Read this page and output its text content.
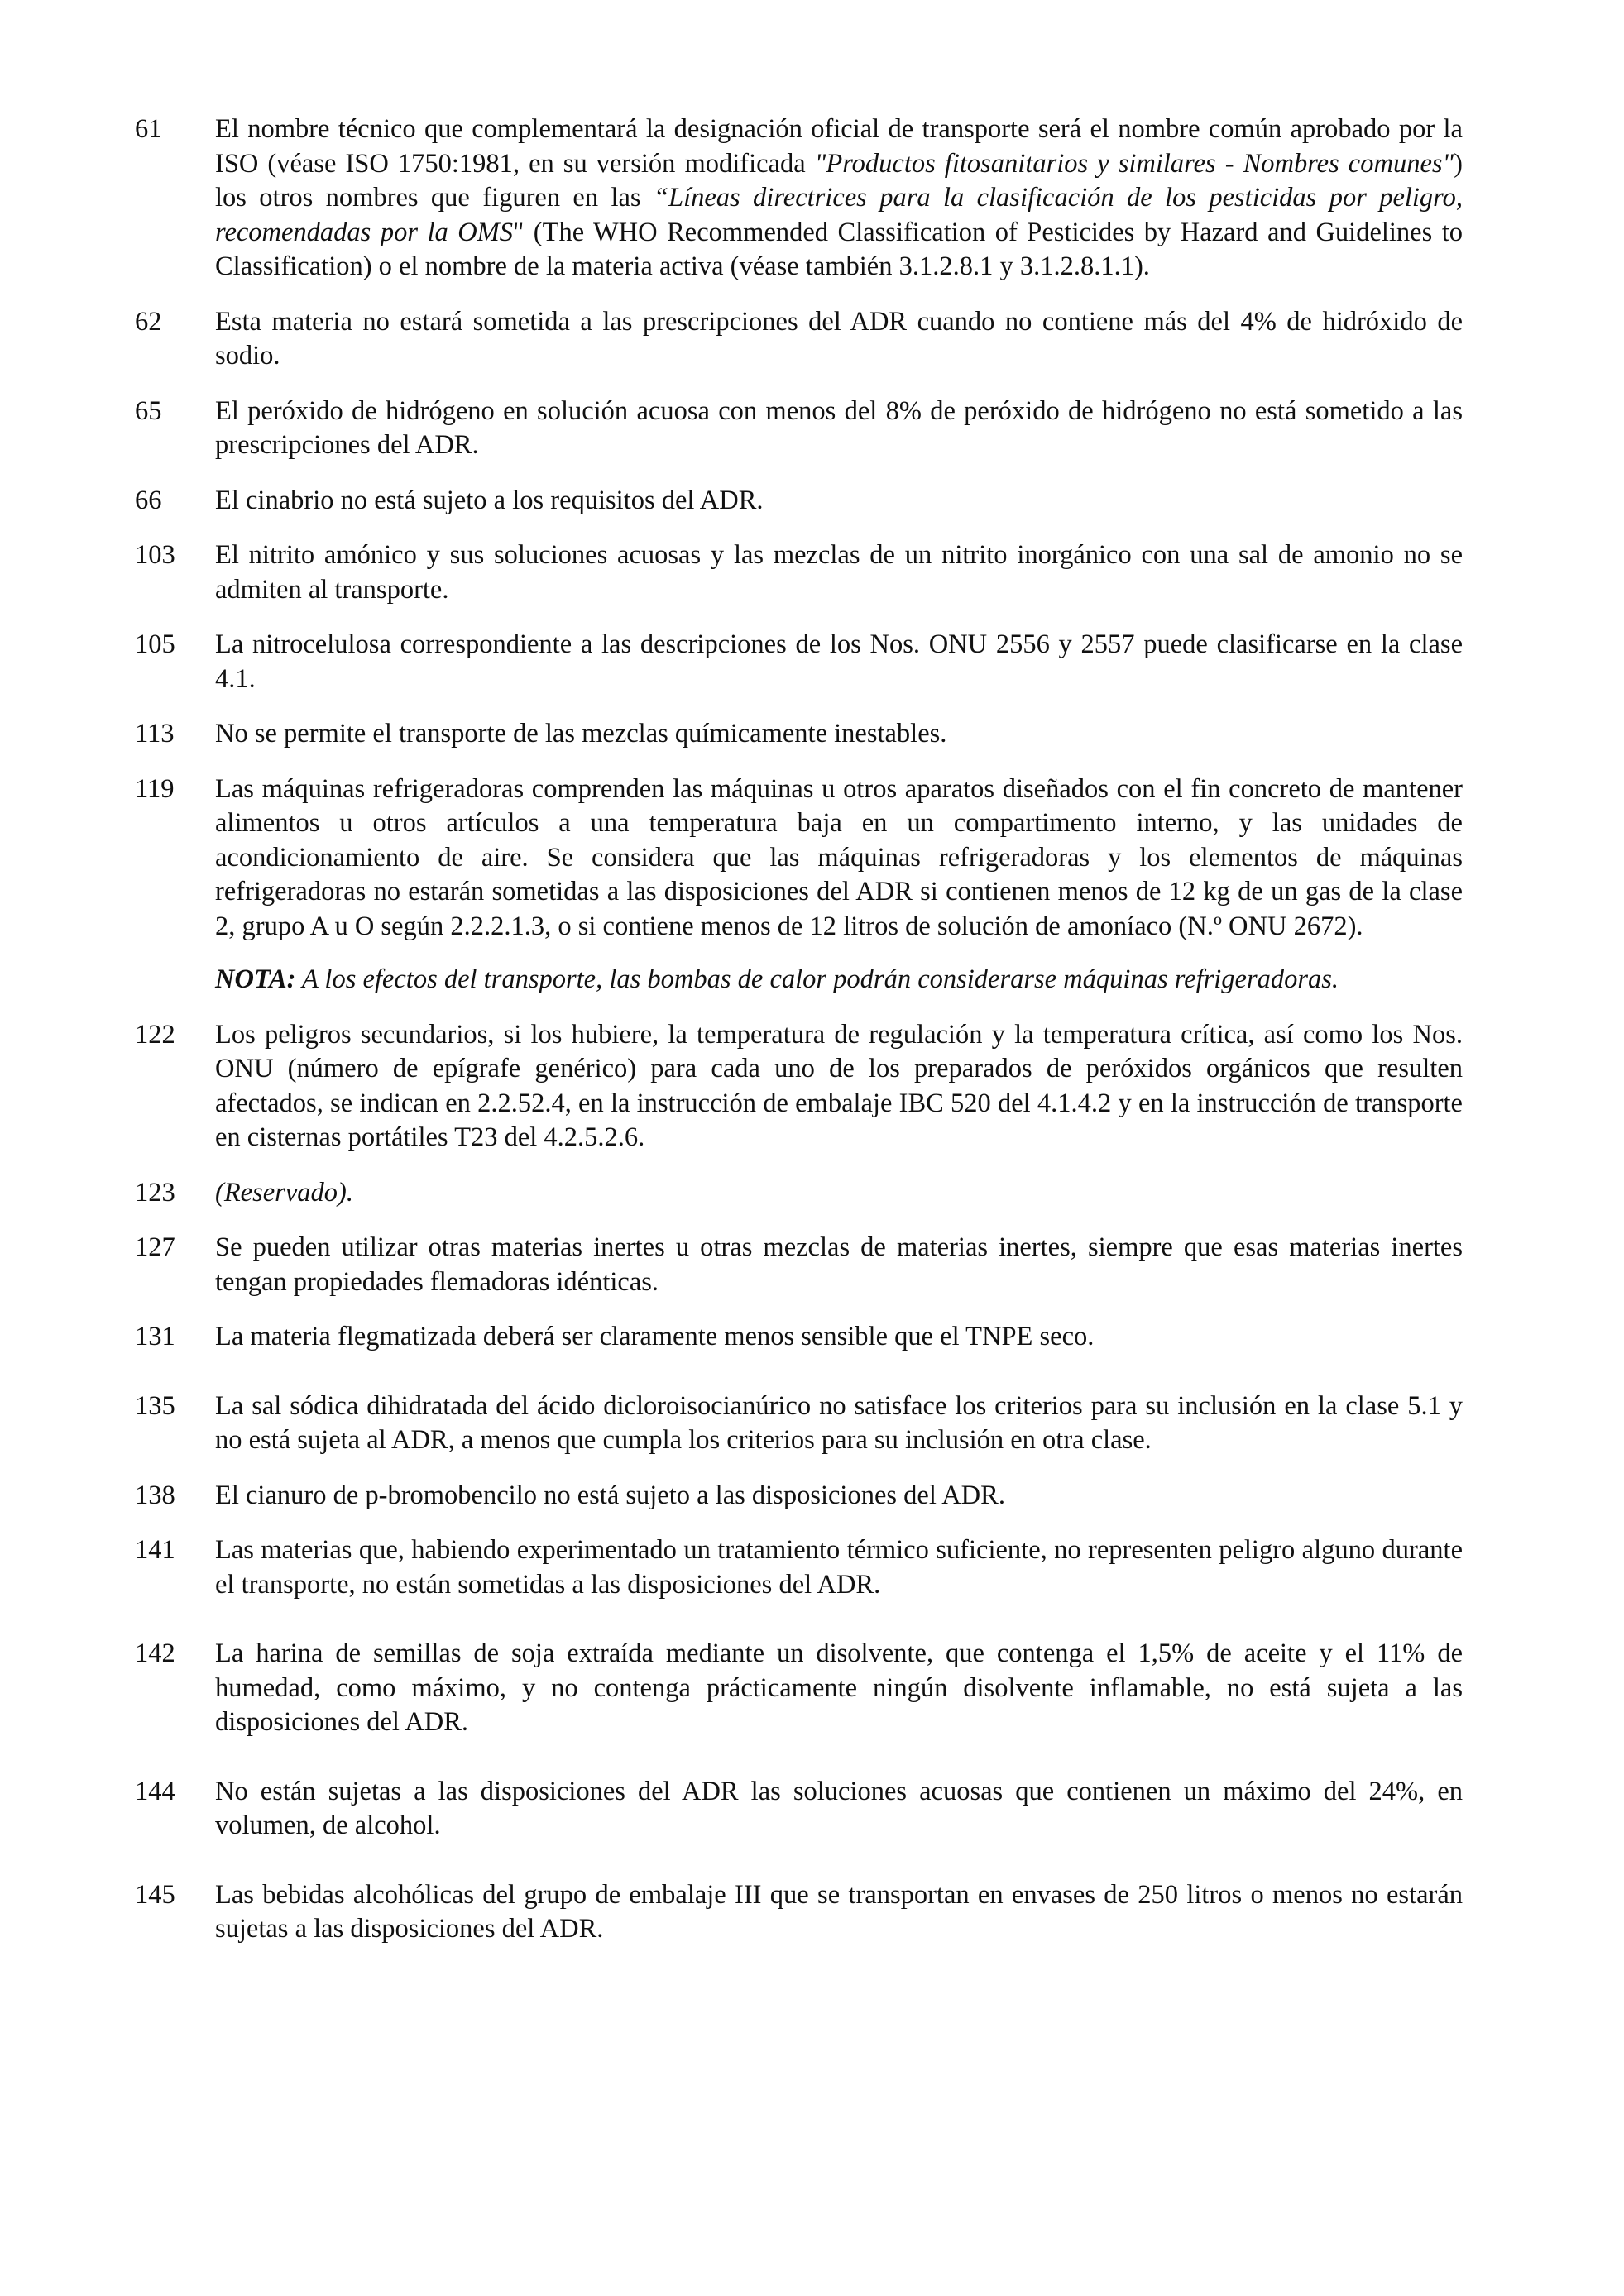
61	El nombre técnico que complementará la designación oficial de transporte será el nombre común aprobado por la ISO (véase ISO 1750:1981, en su versión modificada "Productos fitosanitarios y similares - Nombres comunes") los otros nombres que figuren en las “Líneas directrices para la clasificación de los pesticidas por peligro, recomendadas por la OMS" (The WHO Recommended Classification of Pesticides by Hazard and Guidelines to Classification) o el nombre de la materia activa (véase también 3.1.2.8.1 y 3.1.2.8.1.1).

62	Esta materia no estará sometida a las prescripciones del ADR cuando no contiene más del 4% de hidróxido de sodio.

65	El peróxido de hidrógeno en solución acuosa con menos del 8% de peróxido de hidrógeno no está sometido a las prescripciones del ADR.

66	El cinabrio no está sujeto a los requisitos del ADR.

103	El nitrito amónico y sus soluciones acuosas y las mezclas de un nitrito inorgánico con una sal de amonio no se admiten al transporte.

105	La nitrocelulosa correspondiente a las descripciones de los Nos. ONU 2556 y 2557 puede clasificarse en la clase 4.1.

113	No se permite el transporte de las mezclas químicamente inestables.

119	Las máquinas refrigeradoras comprenden las máquinas u otros aparatos diseñados con el fin concreto de mantener alimentos u otros artículos a una temperatura baja en un compartimento interno, y las unidades de acondicionamiento de aire. Se considera que las máquinas refrigeradoras y los elementos de máquinas refrigeradoras no estarán sometidas a las disposiciones del ADR si contienen menos de 12 kg de un gas de la clase 2, grupo A u O según 2.2.2.1.3, o si contiene menos de 12 litros de solución de amoníaco (N.º ONU 2672).

NOTA: A los efectos del transporte, las bombas de calor podrán considerarse máquinas refrigeradoras.

122	Los peligros secundarios, si los hubiere, la temperatura de regulación y la temperatura crítica, así como los Nos. ONU (número de epígrafe genérico) para cada uno de los preparados de peróxidos orgánicos que resulten afectados, se indican en 2.2.52.4, en la instrucción de embalaje IBC 520 del 4.1.4.2 y en la instrucción de transporte en cisternas portátiles T23 del 4.2.5.2.6.

123	(Reservado).

127	Se pueden utilizar otras materias inertes u otras mezclas de materias inertes, siempre que esas materias inertes tengan propiedades flemadoras idénticas.

131	La materia flegmatizada deberá ser claramente menos sensible que el TNPE seco.

135	La sal sódica dihidratada del ácido dicloroisocianúrico no satisface los criterios para su inclusión en la clase 5.1 y no está sujeta al ADR, a menos que cumpla los criterios para su inclusión en otra clase.

138	El cianuro de p-bromobencilo no está sujeto a las disposiciones del ADR.

141	Las materias que, habiendo experimentado un tratamiento térmico suficiente, no representen peligro alguno durante el transporte, no están sometidas a las disposiciones del ADR.

142	La harina de semillas de soja extraída mediante un disolvente, que contenga el 1,5% de aceite y el 11% de humedad, como máximo, y no contenga prácticamente ningún disolvente inflamable, no está sujeta a las disposiciones del ADR.

144	No están sujetas a las disposiciones del ADR las soluciones acuosas que contienen un máximo del 24%, en volumen, de alcohol.

145	Las bebidas alcohólicas del grupo de embalaje III que se transportan en envases de 250 litros o menos no estarán sujetas a las disposiciones del ADR.
